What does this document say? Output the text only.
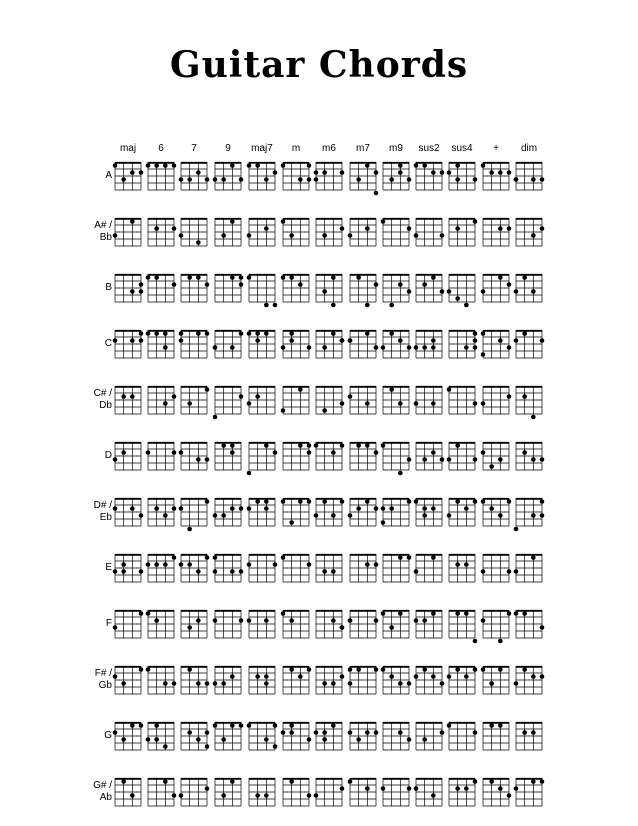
Guitar Chords
maj	6	7	9	maj7	m	m6	m7	m9	sus2	sus4	+	dim
A
A# /
Bb
B
C
C# /
Db
D
D# /
Eb
E
F
F# /
Gb
G
G# /
Ab
